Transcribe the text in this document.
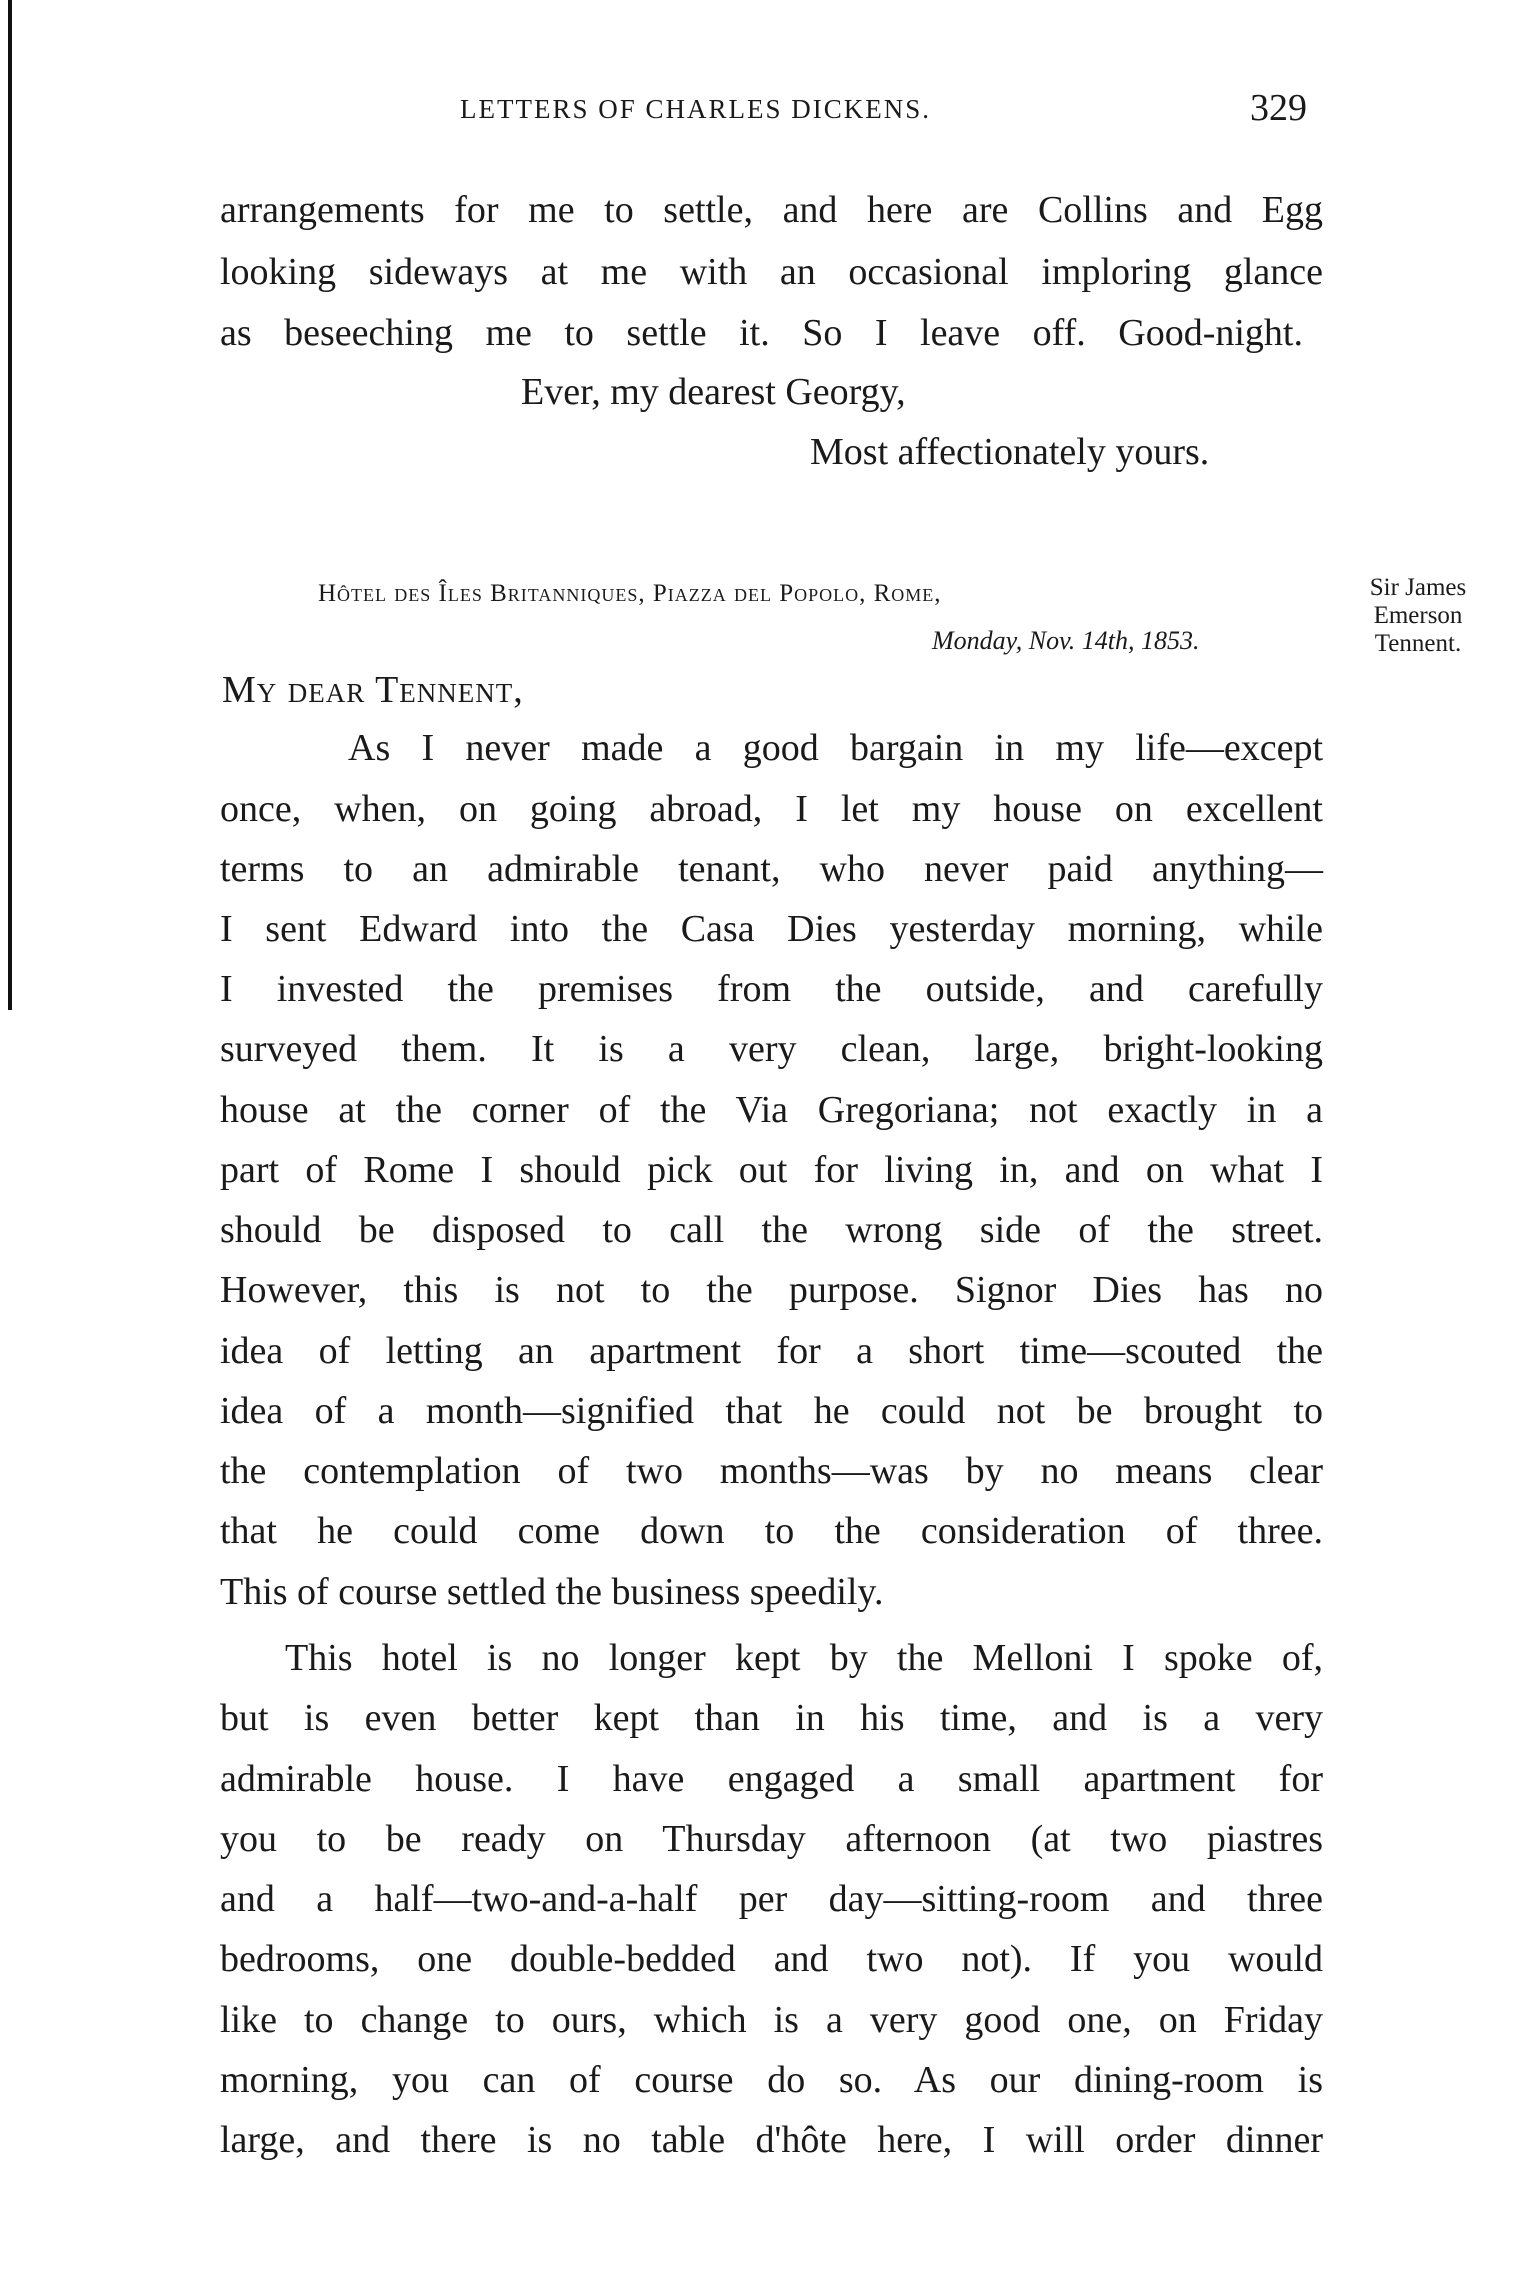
LETTERS OF CHARLES DICKENS.	329
arrangements for me to settle, and here are Collins and Egg
looking sideways at me with an occasional imploring glance
as beseeching me to settle it. So I leave off. Good-night.
Ever, my dearest Georgy,
Most affectionately yours.
Hôtel des Îles Britanniques, Piazza del Popolo, Rome,
Monday, Nov. 14th, 1853.
My dear Tennent,
Sir James
Emerson
Tennent.
As I never made a good bargain in my life—except
once, when, on going abroad, I let my house on excellent
terms to an admirable tenant, who never paid anything—
I sent Edward into the Casa Dies yesterday morning, while
I invested the premises from the outside, and carefully
surveyed them. It is a very clean, large, bright-looking
house at the corner of the Via Gregoriana; not exactly in a
part of Rome I should pick out for living in, and on what I
should be disposed to call the wrong side of the street.
However, this is not to the purpose. Signor Dies has no
idea of letting an apartment for a short time—scouted the
idea of a month—signified that he could not be brought to
the contemplation of two months—was by no means clear
that he could come down to the consideration of three.
This of course settled the business speedily.
This hotel is no longer kept by the Melloni I spoke of,
but is even better kept than in his time, and is a very
admirable house. I have engaged a small apartment for
you to be ready on Thursday afternoon (at two piastres
and a half—two-and-a-half per day—sitting-room and three
bedrooms, one double-bedded and two not). If you would
like to change to ours, which is a very good one, on Friday
morning, you can of course do so. As our dining-room is
large, and there is no table d'hôte here, I will order dinner
